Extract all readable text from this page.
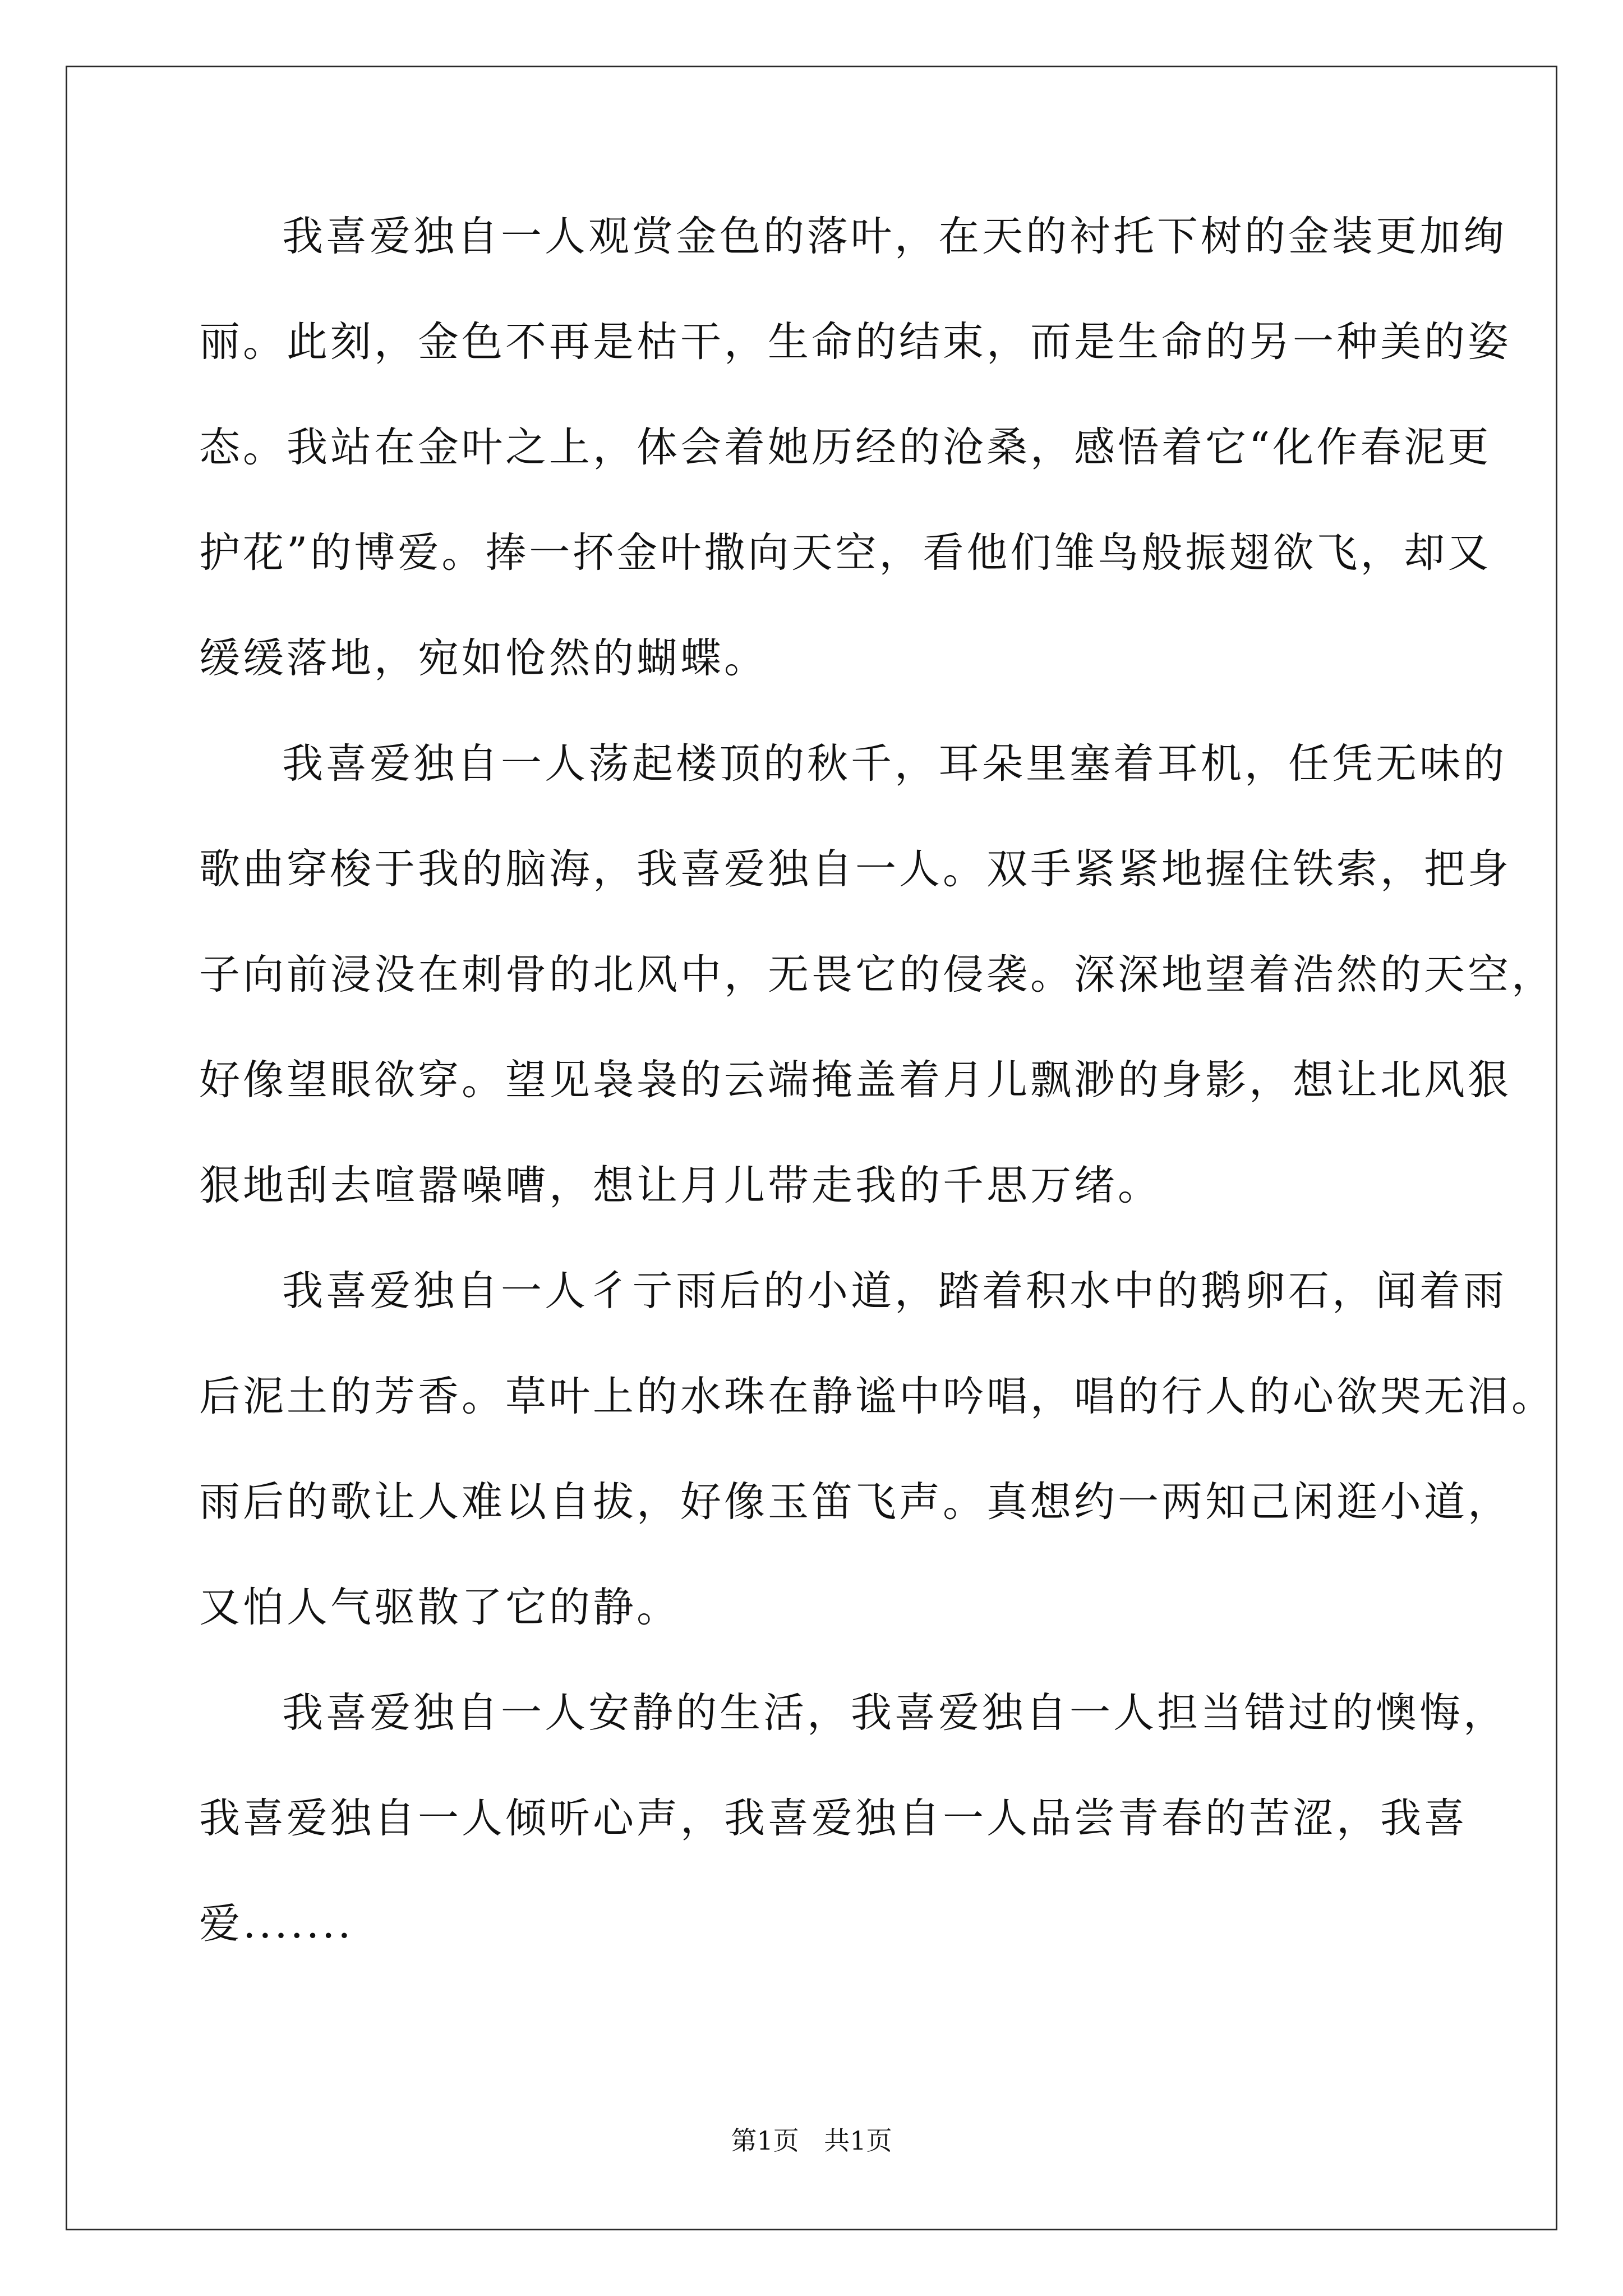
我喜爱独自一人观赏金色的落叶，在天的衬托下树的金装更加绚
丽。此刻，金色不再是枯干，生命的结束，而是生命的另一种美的姿
态。我站在金叶之上，体会着她历经的沧桑，感悟着它“化作春泥更
护花”的博爱。捧一抔金叶撒向天空，看他们雏鸟般振翅欲飞，却又
缓缓落地，宛如怆然的蝴蝶。
我喜爱独自一人荡起楼顶的秋千，耳朵里塞着耳机，任凭无味的
歌曲穿梭于我的脑海，我喜爱独自一人。双手紧紧地握住铁索，把身
子向前浸没在刺骨的北风中，无畏它的侵袭。深深地望着浩然的天空，
好像望眼欲穿。望见袅袅的云端掩盖着月儿飘渺的身影，想让北风狠
狠地刮去喧嚣噪嘈，想让月儿带走我的千思万绪。
我喜爱独自一人彳亍雨后的小道，踏着积水中的鹅卵石，闻着雨
后泥土的芳香。草叶上的水珠在静谧中吟唱，唱的行人的心欲哭无泪。
雨后的歌让人难以自拔，好像玉笛飞声。真想约一两知己闲逛小道，
又怕人气驱散了它的静。
我喜爱独自一人安静的生活，我喜爱独自一人担当错过的懊悔，
我喜爱独自一人倾听心声，我喜爱独自一人品尝青春的苦涩，我喜
爱.......
第1页 共1页
